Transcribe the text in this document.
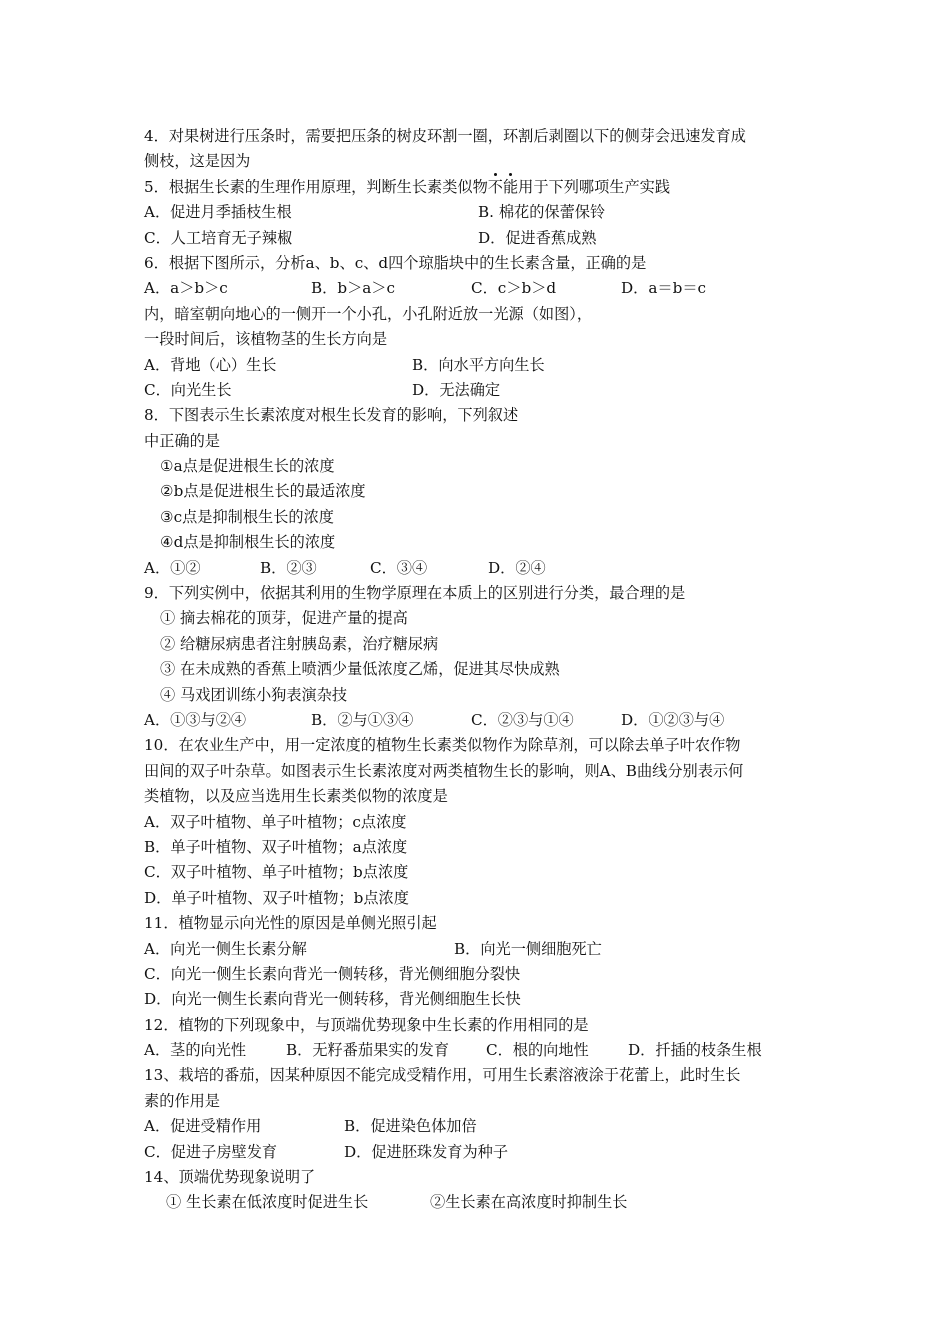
4．对果树进行压条时，需要把压条的树皮环割一圈，环割后剥圈以下的侧芽会迅速发育成
侧枝，这是因为
5．根据生长素的生理作用原理，判断生长素类似物不
能
用于下列哪项生产实践
A．促进月季插枝生根	B. 棉花的保蕾保铃
C．人工培育无子辣椒	D．促进香蕉成熟
6．根据下图所示，分析a、b、c、d四个琼脂块中的生长素含量，正确的是
A．a＞b＞c	B．b＞a＞c	C．c＞b＞d	D．a＝b＝c
内，暗室朝向地心的一侧开一个小孔，小孔附近放一光源（如图），
一段时间后，该植物茎的生长方向是
A．背地（心）生长	B．向水平方向生长
C．向光生长	D．无法确定
8．下图表示生长素浓度对根生长发育的影响，下列叙述
中正确的是
①a点是促进根生长的浓度
②b点是促进根生长的最适浓度
③c点是抑制根生长的浓度
④d点是抑制根生长的浓度
A．①②	B．②③	C．③④	D．②④
9．下列实例中，依据其利用的生物学原理在本质上的区别进行分类，最合理的是
① 摘去棉花的顶芽，促进产量的提高
② 给糖尿病患者注射胰岛素，治疗糖尿病
③ 在未成熟的香蕉上喷洒少量低浓度乙烯，促进其尽快成熟
④ 马戏团训练小狗表演杂技
A．①③与②④	B．②与①③④	C．②③与①④	D．①②③与④
10．在农业生产中，用一定浓度的植物生长素类似物作为除草剂，可以除去单子叶农作物
田间的双子叶杂草。如图表示生长素浓度对两类植物生长的影响，则A、B曲线分别表示何
类植物，以及应当选用生长素类似物的浓度是
A．双子叶植物、单子叶植物；c点浓度
B．单子叶植物、双子叶植物；a点浓度
C．双子叶植物、单子叶植物；b点浓度
D．单子叶植物、双子叶植物；b点浓度
11．植物显示向光性的原因是单侧光照引起
A．向光一侧生长素分解	B．向光一侧细胞死亡
C．向光一侧生长素向背光一侧转移，背光侧细胞分裂快
D．向光一侧生长素向背光一侧转移，背光侧细胞生长快
12．植物的下列现象中，与顶端优势现象中生长素的作用相同的是
A．茎的向光性	B．无籽番茄果实的发育 C．根的向地性	D．扦插的枝条生根
13、栽培的番茄，因某种原因不能完成受精作用，可用生长素溶液涂于花蕾上，此时生长
素的作用是
A．促进受精作用	B．促进染色体加倍
C．促进子房壁发育	D．促进胚珠发育为种子
14、顶端优势现象说明了
① 生长素在低浓度时促进生长	②生长素在高浓度时抑制生长
